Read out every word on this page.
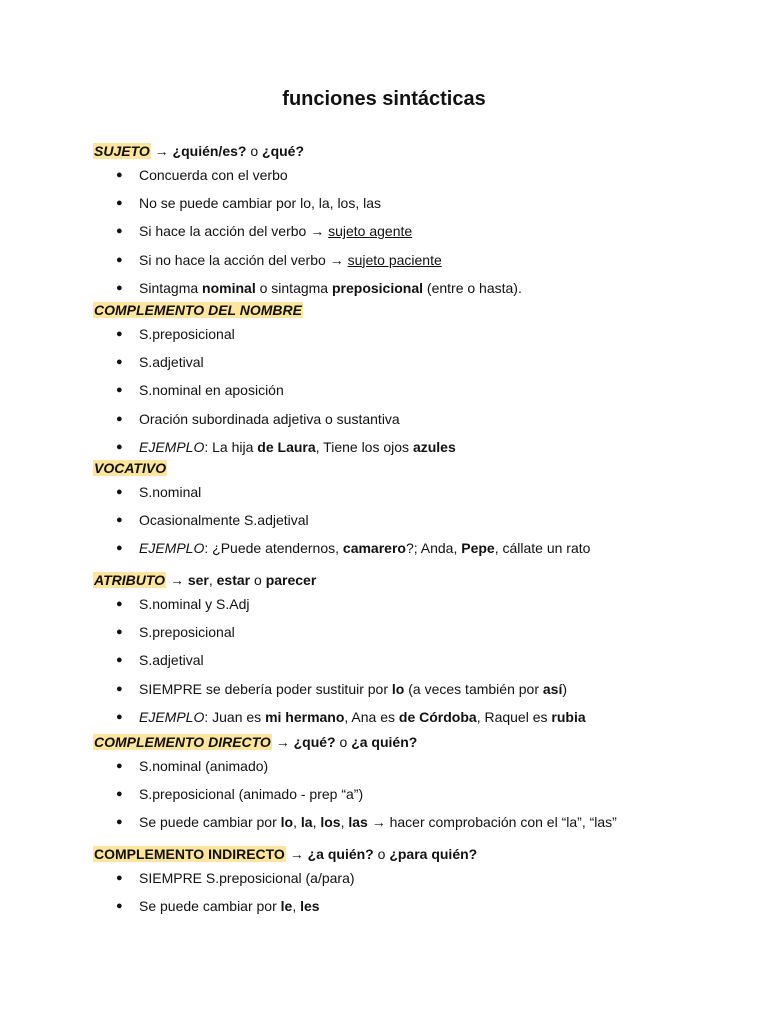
funciones sintácticas
SUJETO → ¿quién/es? o ¿qué?
● Concuerda con el verbo
● No se puede cambiar por lo, la, los, las
● Si hace la acción del verbo → sujeto agente
● Si no hace la acción del verbo → sujeto paciente
● Sintagma nominal o sintagma preposicional (entre o hasta).
COMPLEMENTO DEL NOMBRE
● S.preposicional
● S.adjetival
● S.nominal en aposición
● Oración subordinada adjetiva o sustantiva
● EJEMPLO: La hija de Laura, Tiene los ojos azules
VOCATIVO
● S.nominal
● Ocasionalmente S.adjetival
● EJEMPLO: ¿Puede atendernos, camarero?; Anda, Pepe, cállate un rato
ATRIBUTO → ser, estar o parecer
● S.nominal y S.Adj
● S.preposicional
● S.adjetival
● SIEMPRE se debería poder sustituir por lo (a veces también por así)
● EJEMPLO: Juan es mi hermano, Ana es de Córdoba, Raquel es rubia
COMPLEMENTO DIRECTO → ¿qué? o ¿a quién?
● S.nominal (animado)
● S.preposicional (animado - prep “a”)
● Se puede cambiar por lo, la, los, las → hacer comprobación con el “la”, “las”
COMPLEMENTO INDIRECTO → ¿a quién? o ¿para quién?
● SIEMPRE S.preposicional (a/para)
● Se puede cambiar por le, les
